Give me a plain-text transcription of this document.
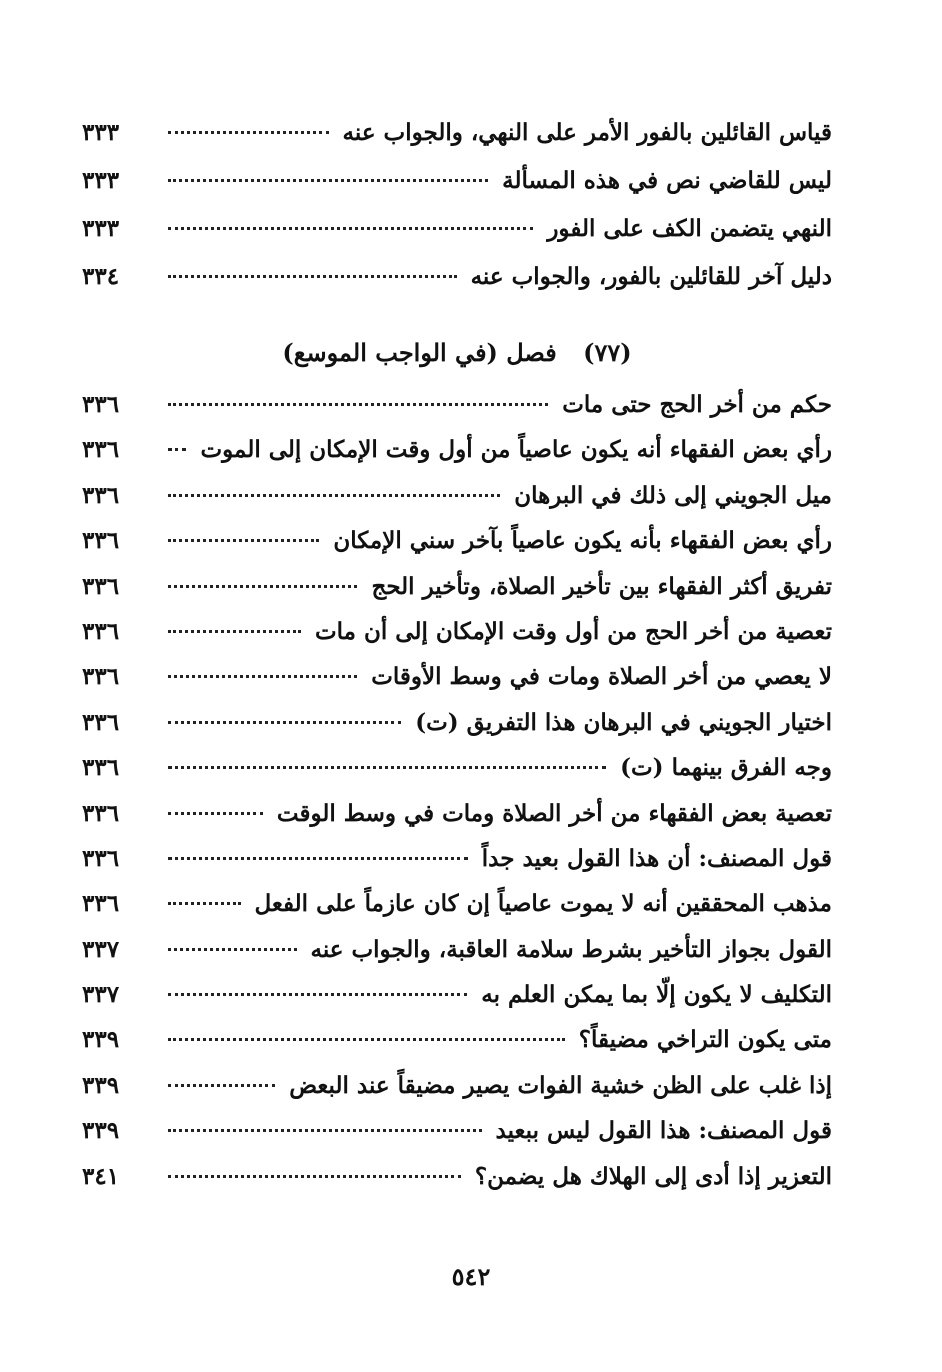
قياس القائلين بالفور الأمر على النهي، والجواب عنه
٣٣٣
ليس للقاضي نص في هذه المسألة
٣٣٣
النهي يتضمن الكف على الفور
٣٣٣
دليل آخر للقائلين بالفور، والجواب عنه
٣٣٤
(٧٧) فصل (في الواجب الموسع)
حكم من أخر الحج حتى مات
٣٣٦
رأي بعض الفقهاء أنه يكون عاصياً من أول وقت الإمكان إلى الموت
٣٣٦
ميل الجويني إلى ذلك في البرهان
٣٣٦
رأي بعض الفقهاء بأنه يكون عاصياً بآخر سني الإمكان
٣٣٦
تفريق أكثر الفقهاء بين تأخير الصلاة، وتأخير الحج
٣٣٦
تعصية من أخر الحج من أول وقت الإمكان إلى أن مات
٣٣٦
لا يعصي من أخر الصلاة ومات في وسط الأوقات
٣٣٦
اختيار الجويني في البرهان هذا التفريق (ت)
٣٣٦
وجه الفرق بينهما (ت)
٣٣٦
تعصية بعض الفقهاء من أخر الصلاة ومات في وسط الوقت
٣٣٦
قول المصنف: أن هذا القول بعيد جداً
٣٣٦
مذهب المحققين أنه لا يموت عاصياً إن كان عازماً على الفعل
٣٣٦
القول بجواز التأخير بشرط سلامة العاقبة، والجواب عنه
٣٣٧
التكليف لا يكون إلّا بما يمكن العلم به
٣٣٧
متى يكون التراخي مضيقاً؟
٣٣٩
إذا غلب على الظن خشية الفوات يصير مضيقاً عند البعض
٣٣٩
قول المصنف: هذا القول ليس ببعيد
٣٣٩
التعزير إذا أدى إلى الهلاك هل يضمن؟
٣٤١
٥٤٢
